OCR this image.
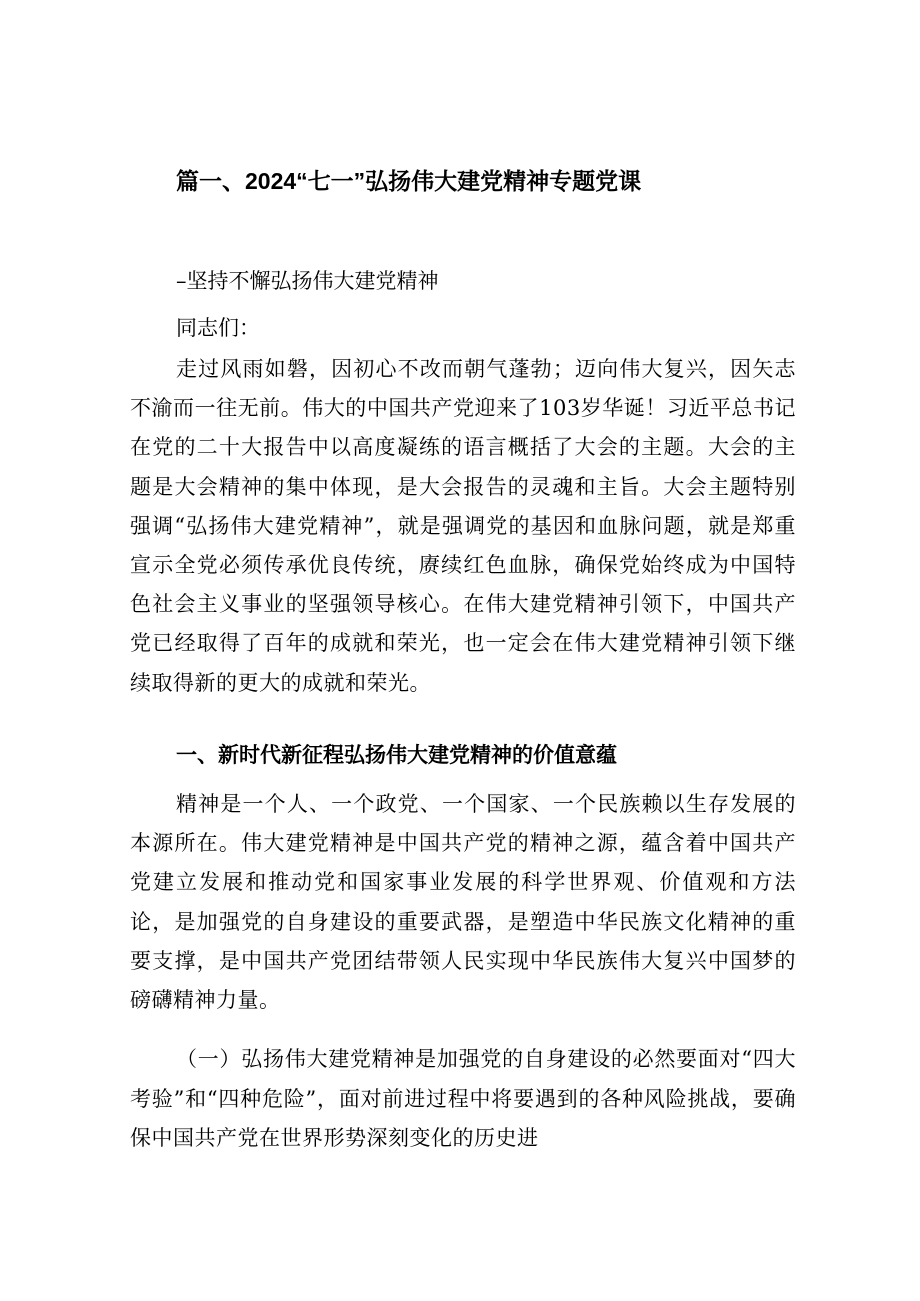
篇一、2024“七一”弘扬伟大建党精神专题党课
–坚持不懈弘扬伟大建党精神
同志们：

走过风雨如磐，因初心不改而朝气蓬勃；迈向伟大复兴，因矢志不渝而一往无前。伟大的中国共产党迎来了103岁华诞！习近平总书记在党的二十大报告中以高度凝练的语言概括了大会的主题。大会的主题是大会精神的集中体现，是大会报告的灵魂和主旨。大会主题特别强调“弘扬伟大建党精神”，就是强调党的基因和血脉问题，就是郑重宣示全党必须传承优良传统，赓续红色血脉，确保党始终成为中国特色社会主义事业的坚强领导核心。在伟大建党精神引领下，中国共产党已经取得了百年的成就和荣光，也一定会在伟大建党精神引领下继续取得新的更大的成就和荣光。

一、新时代新征程弘扬伟大建党精神的价值意蕴

精神是一个人、一个政党、一个国家、一个民族赖以生存发展的本源所在。伟大建党精神是中国共产党的精神之源，蕴含着中国共产党建立发展和推动党和国家事业发展的科学世界观、价值观和方法论，是加强党的自身建设的重要武器，是塑造中华民族文化精神的重要支撑，是中国共产党团结带领人民实现中华民族伟大复兴中国梦的磅礴精神力量。

（一）弘扬伟大建党精神是加强党的自身建设的必然要面对“四大考验”和“四种危险”，面对前进过程中将要遇到的各种风险挑战，要确保中国共产党在世界形势深刻变化的历史进
